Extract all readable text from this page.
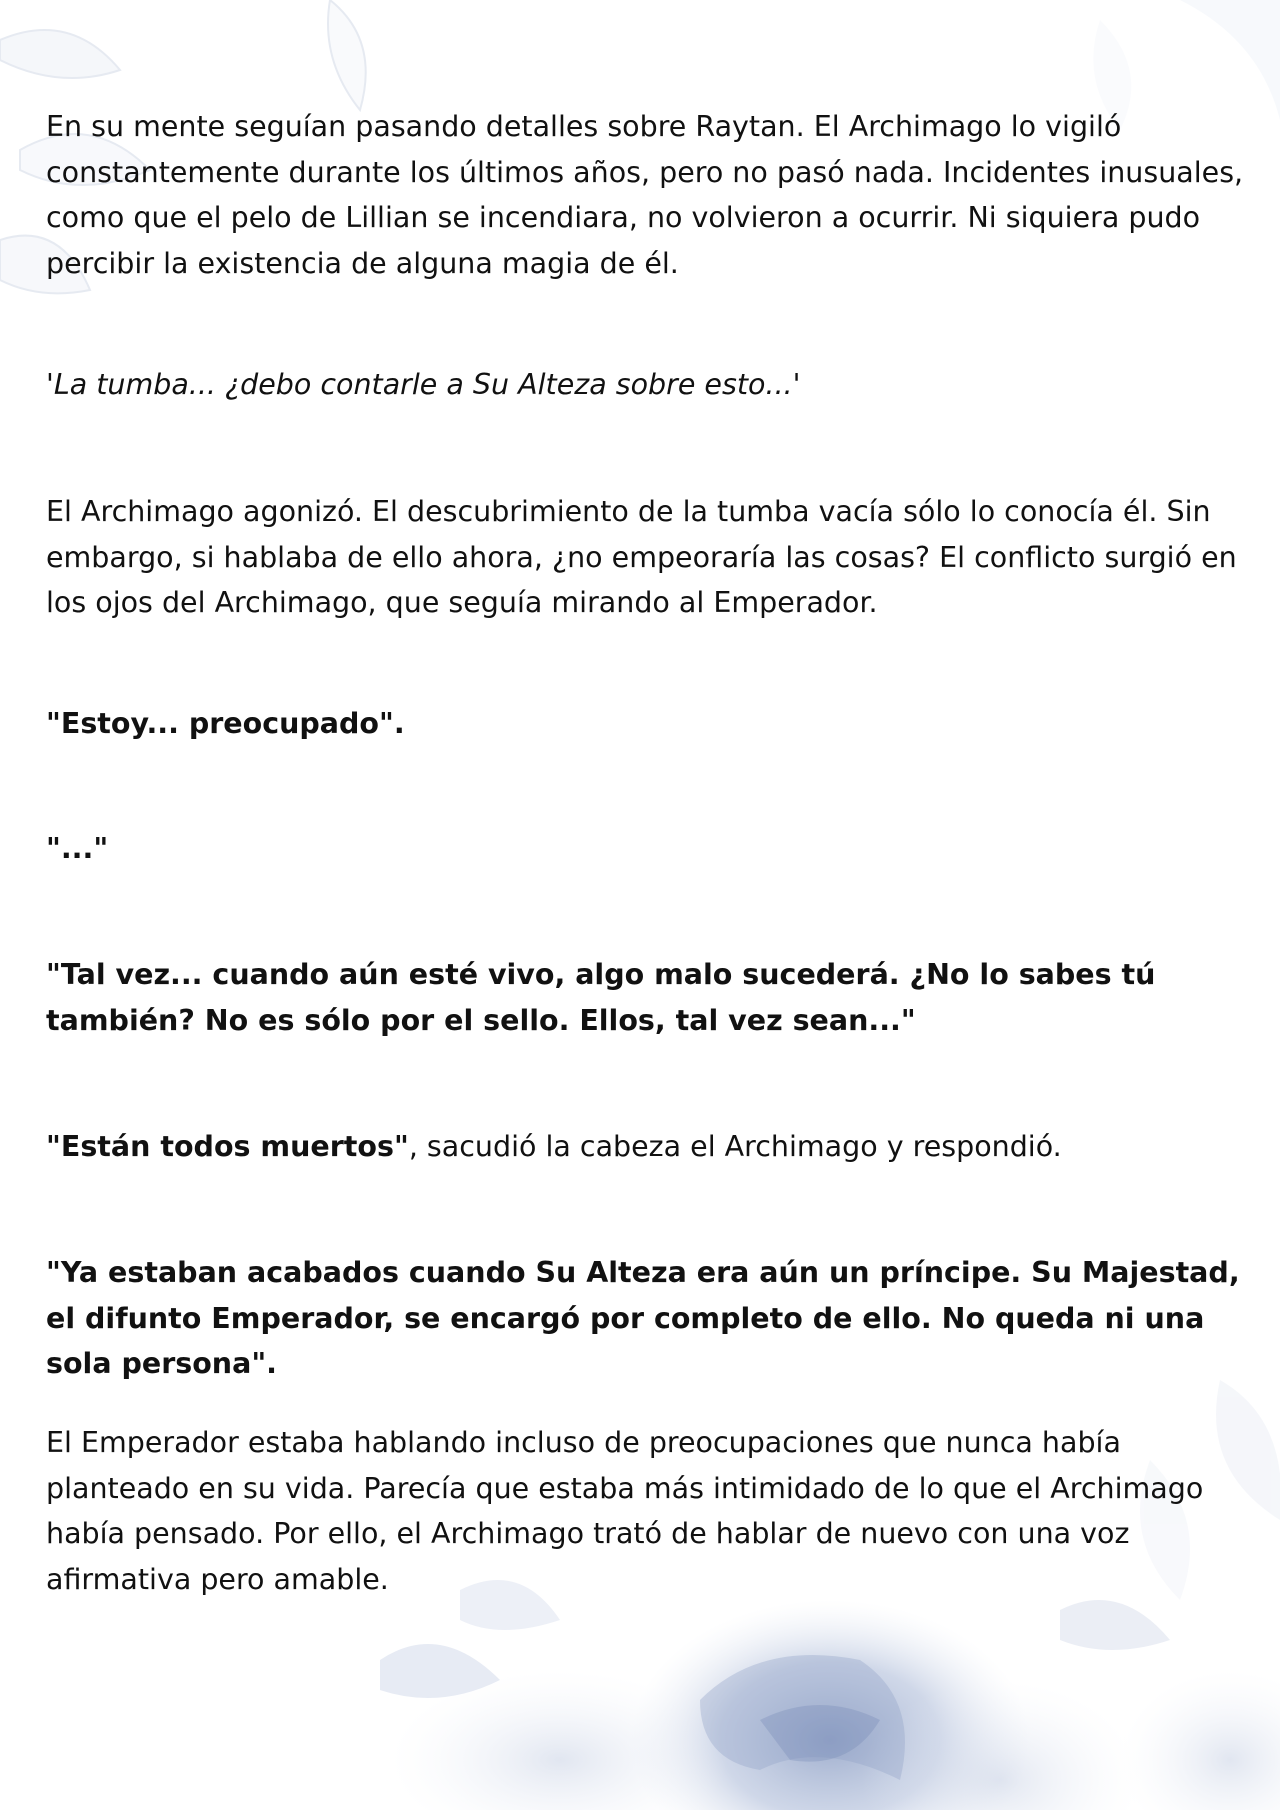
En su mente seguían pasando detalles sobre Raytan. El Archimago lo vigiló constantemente durante los últimos años, pero no pasó nada. Incidentes inusuales, como que el pelo de Lillian se incendiara, no volvieron a ocurrir. Ni siquiera pudo percibir la existencia de alguna magia de él.

'La tumba... ¿debo contarle a Su Alteza sobre esto...'

El Archimago agonizó. El descubrimiento de la tumba vacía sólo lo conocía él. Sin embargo, si hablaba de ello ahora, ¿no empeoraría las cosas? El conflicto surgió en los ojos del Archimago, que seguía mirando al Emperador.

"Estoy... preocupado".

"..."

"Tal vez... cuando aún esté vivo, algo malo sucederá. ¿No lo sabes tú también? No es sólo por el sello. Ellos, tal vez sean..."

"Están todos muertos", sacudió la cabeza el Archimago y respondió.

"Ya estaban acabados cuando Su Alteza era aún un príncipe. Su Majestad, el difunto Emperador, se encargó por completo de ello. No queda ni una sola persona".

El Emperador estaba hablando incluso de preocupaciones que nunca había planteado en su vida. Parecía que estaba más intimidado de lo que el Archimago había pensado. Por ello, el Archimago trató de hablar de nuevo con una voz afirmativa pero amable.
